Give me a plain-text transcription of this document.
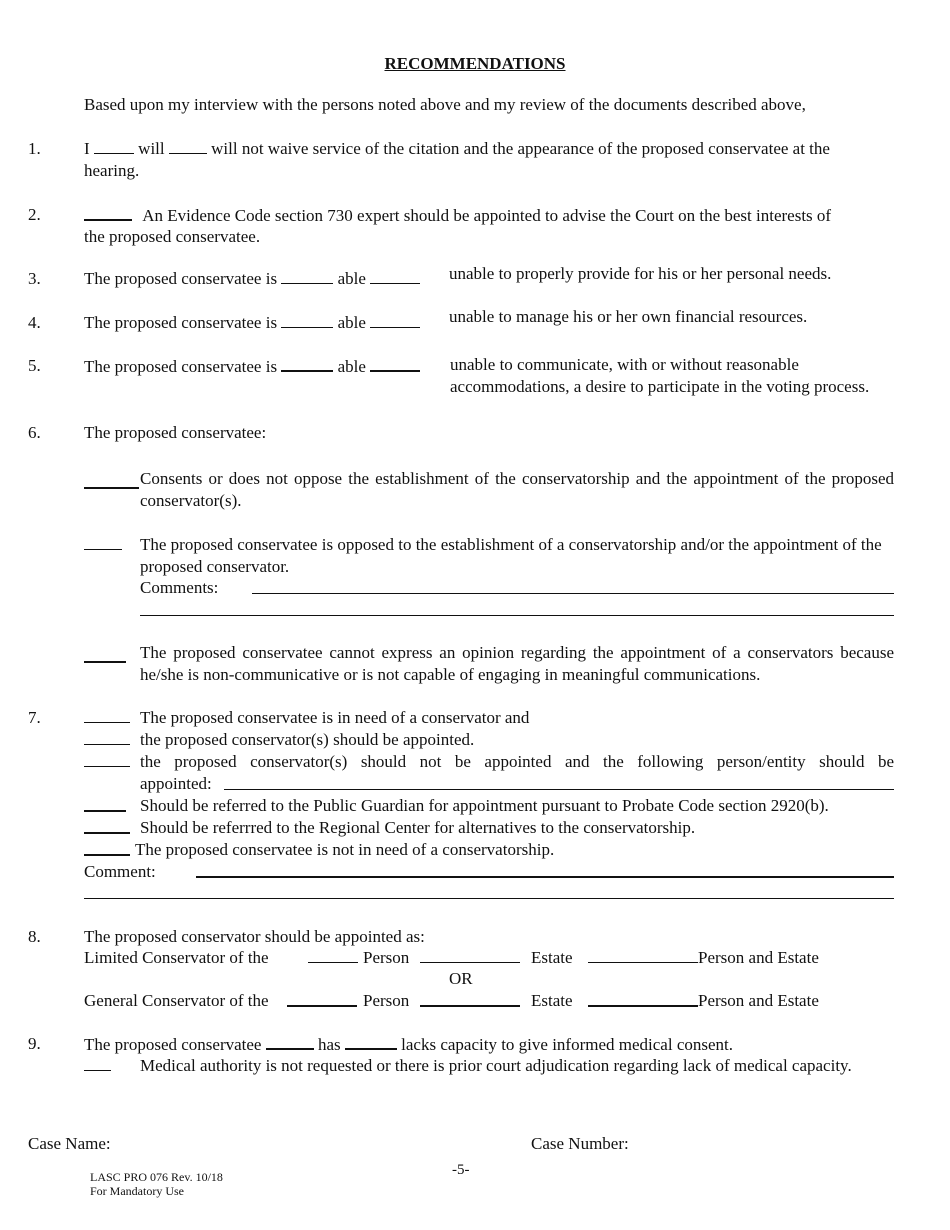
RECOMMENDATIONS
Based upon my interview with the persons noted above and my review of the documents described above,
1.	I	will	will not waive service of the citation and the appearance of the proposed conservatee at the
hearing.
2.	An Evidence Code section 730 expert should be appointed to advise the Court on the best interests of
the proposed conservatee.
3.	The proposed conservatee is	able	unable to properly provide for his or her personal needs.
4.	The proposed conservatee is	able	unable to manage his or her own financial resources.
5.	The proposed conservatee is	able	unable to communicate, with or without reasonable
accommodations, a desire to participate in the voting process.
6.	The proposed conservatee:
Consents or does not oppose the establishment of the conservatorship and the appointment of the proposed conservator(s).
The proposed conservatee is opposed to the establishment of a conservatorship and/or the appointment of the proposed conservator.
Comments:
The proposed conservatee cannot express an opinion regarding the appointment of a conservators because he/she is non-communicative or is not capable of engaging in meaningful communications.
7.	The proposed conservatee is in need of a conservator and
the proposed conservator(s) should be appointed.
the proposed conservator(s) should not be appointed and the following person/entity should be
appointed:
Should be referred to the Public Guardian for appointment pursuant to Probate Code section 2920(b).
Should be referrred to the Regional Center for alternatives to the conservatorship.
The proposed conservatee is not in need of a conservatorship.
Comment:
8.	The proposed conservator should be appointed as:
Limited Conservator of the	Person	Estate	Person and Estate
OR
General Conservator of the	Person	Estate	Person and Estate
9.	The proposed conservatee	has	lacks capacity to give informed medical consent.
Medical authority is not requested or there is prior court adjudication regarding lack of medical capacity.
Case Name:	Case Number:
-5-
LASC PRO 076 Rev. 10/18
For Mandatory Use
